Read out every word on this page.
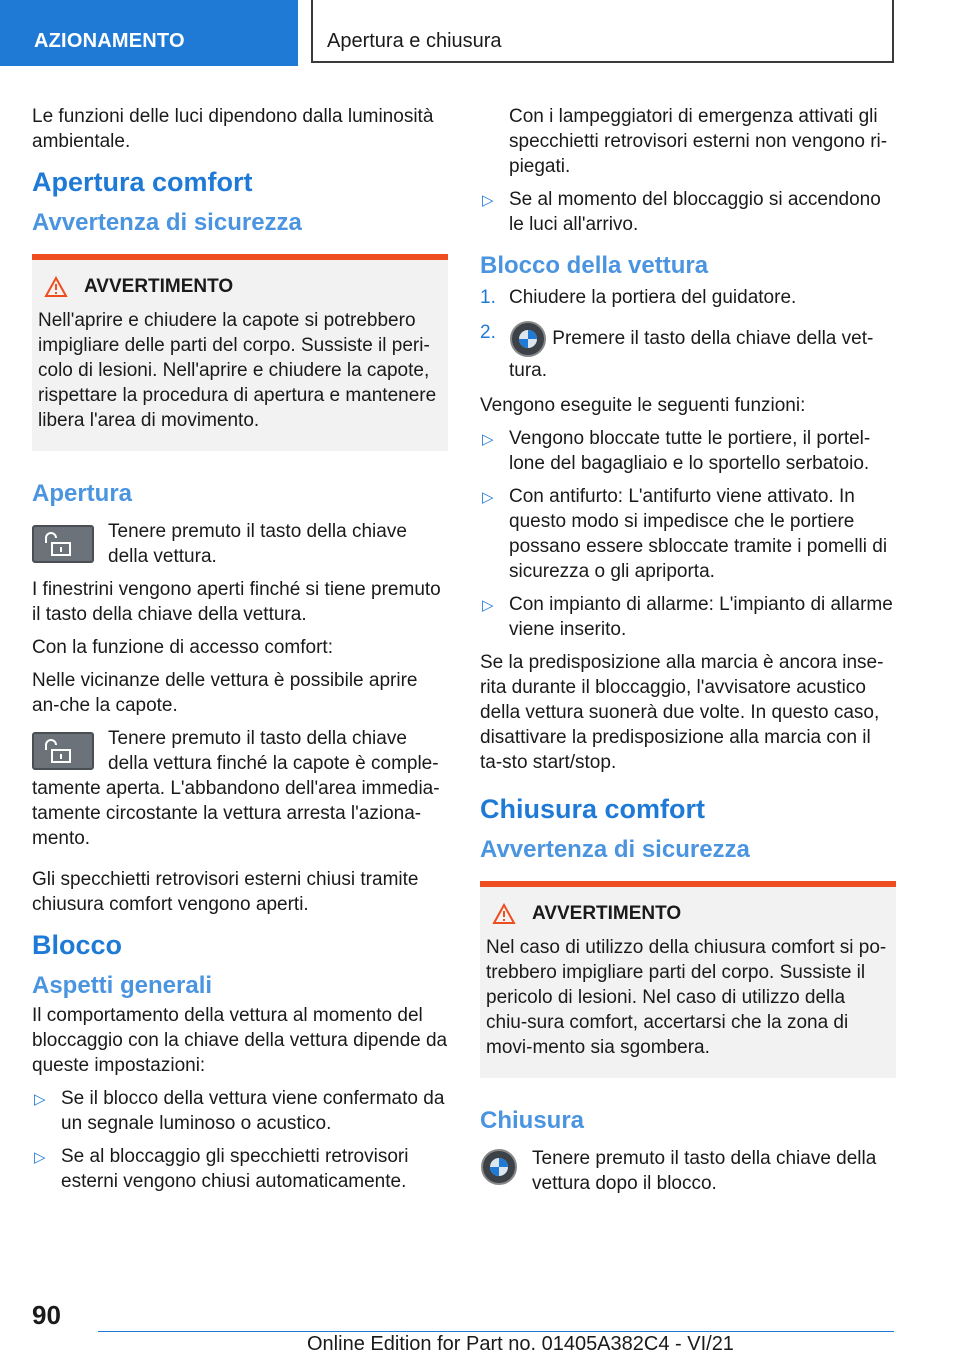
AZIONAMENTO	Apertura e chiusura

Le funzioni delle luci dipendono dalla luminosità ambientale.

Apertura comfort
Avvertenza di sicurezza
AVVERTIMENTO

Nell'aprire e chiudere la capote si potrebbero impigliare delle parti del corpo. Sussiste il peri-colo di lesioni. Nell'aprire e chiudere la capote, rispettare la procedura di apertura e mantenere libera l'area di movimento.

Apertura
Tenere premuto il tasto della chiave della vettura.

I finestrini vengono aperti finché si tiene premuto il tasto della chiave della vettura.

Con la funzione di accesso comfort:

Nelle vicinanze delle vettura è possibile aprire an-che la capote.

Tenere premuto il tasto della chiave della vettura finché la capote è comple-tamente aperta. L'abbandono dell'area immedia-tamente circostante la vettura arresta l'aziona-mento.

Gli specchietti retrovisori esterni chiusi tramite chiusura comfort vengono aperti.

Blocco
Aspetti generali

Il comportamento della vettura al momento del bloccaggio con la chiave della vettura dipende da queste impostazioni:

▷ Se il blocco della vettura viene confermato da un segnale luminoso o acustico.
▷ Se al bloccaggio gli specchietti retrovisori esterni vengono chiusi automaticamente.

Con i lampeggiatori di emergenza attivati gli specchietti retrovisori esterni non vengono ri-piegati.

▷ Se al momento del bloccaggio si accendono le luci all'arrivo.
Blocco della vettura
1. Chiudere la portiera del guidatore.
2.	Premere il tasto della chiave della vet-tura.

Vengono eseguite le seguenti funzioni:

▷ Vengono bloccate tutte le portiere, il portel-lone del bagagliaio e lo sportello serbatoio.
▷ Con antifurto: L'antifurto viene attivato. In questo modo si impedisce che le portiere possano essere sbloccate tramite i pomelli di sicurezza o gli apriporta.
▷ Con impianto di allarme: L'impianto di allarme viene inserito.

Se la predisposizione alla marcia è ancora inse-rita durante il bloccaggio, l'avvisatore acustico della vettura suonerà due volte. In questo caso, disattivare la predisposizione alla marcia con il ta-sto start/stop.

Chiusura comfort
Avvertenza di sicurezza
AVVERTIMENTO

Nel caso di utilizzo della chiusura comfort si po-trebbero impigliare parti del corpo. Sussiste il pericolo di lesioni. Nel caso di utilizzo della chiu-sura comfort, accertarsi che la zona di movi-mento sia sgombera.

Chiusura
Tenere premuto il tasto della chiave della vettura dopo il blocco.
90
Online Edition for Part no. 01405A382C4 - VI/21
